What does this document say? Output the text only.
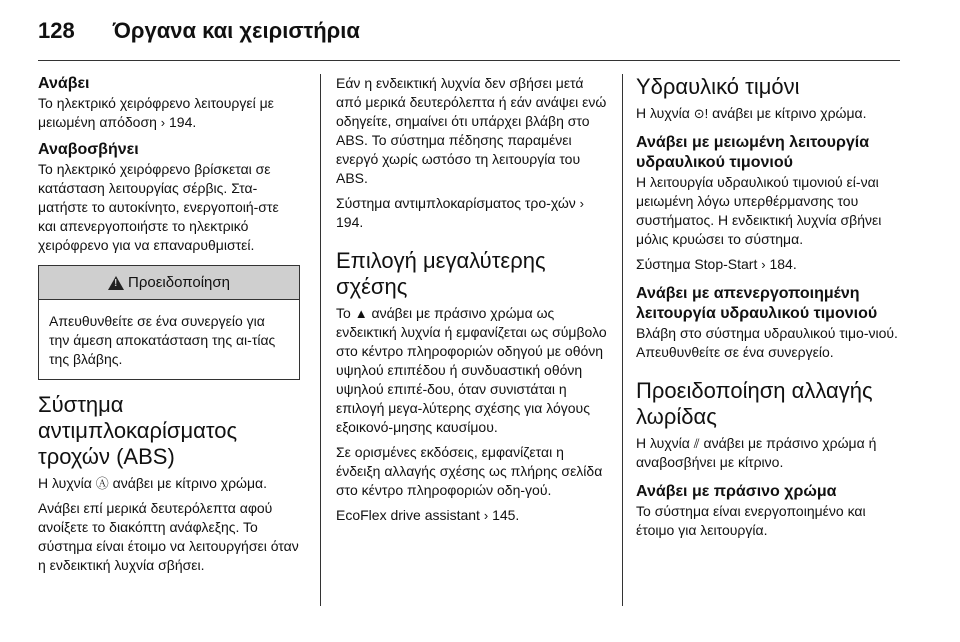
128 Όργανα και χειριστήρια
Ανάβει

Το ηλεκτρικό χειρόφρενο λειτουργεί με μειωμένη απόδοση › 194.

Αναβοσβήνει

Το ηλεκτρικό χειρόφρενο βρίσκεται σε κατάσταση λειτουργίας σέρβις. Στα-ματήστε το αυτοκίνητο, ενεργοποιή-στε και απενεργοποιήστε το ηλεκτρικό χειρόφρενο για να επαναρυθμιστεί.

!
Προειδοποίηση
Απευθυνθείτε σε ένα συνεργείο για την άμεση αποκατάσταση της αι-τίας της βλάβης.
Σύστημα αντιμπλοκαρίσματος τροχών (ABS)

Η λυχνία Ⓐ ανάβει με κίτρινο χρώμα.

Ανάβει επί μερικά δευτερόλεπτα αφού ανοίξετε το διακόπτη ανάφλεξης. Το σύστημα είναι έτοιμο να λειτουργήσει όταν η ενδεικτική λυχνία σβήσει.

Εάν η ενδεικτική λυχνία δεν σβήσει μετά από μερικά δευτερόλεπτα ή εάν ανάψει ενώ οδηγείτε, σημαίνει ότι υπάρχει βλάβη στο ABS. Το σύστημα πέδησης παραμένει ενεργό χωρίς ωστόσο τη λειτουργία του ABS.

Σύστημα αντιμπλοκαρίσματος τρο-χών › 194.

Επιλογή μεγαλύτερης σχέσης

Το ▲ ανάβει με πράσινο χρώμα ως ενδεικτική λυχνία ή εμφανίζεται ως σύμβολο στο κέντρο πληροφοριών οδηγού με οθόνη υψηλού επιπέδου ή συνδυαστική οθόνη υψηλού επιπέ-δου, όταν συνιστάται η επιλογή μεγα-λύτερης σχέσης για λόγους εξοικονό-μησης καυσίμου.

Σε ορισμένες εκδόσεις, εμφανίζεται η ένδειξη αλλαγής σχέσης ως πλήρης σελίδα στο κέντρο πληροφοριών οδη-γού.

EcoFlex drive assistant › 145.

Υδραυλικό τιμόνι

Η λυχνία ⊙! ανάβει με κίτρινο χρώμα.

Ανάβει με μειωμένη λειτουργία υδραυλικού τιμονιού

Η λειτουργία υδραυλικού τιμονιού εί-ναι μειωμένη λόγω υπερθέρμανσης του συστήματος. Η ενδεικτική λυχνία σβήνει μόλις κρυώσει το σύστημα.

Σύστημα Stop-Start › 184.

Ανάβει με απενεργοποιημένη λειτουργία υδραυλικού τιμονιού

Βλάβη στο σύστημα υδραυλικού τιμο-νιού. Απευθυνθείτε σε ένα συνεργείο.

Προειδοποίηση αλλαγής λωρίδας

Η λυχνία ⫽ ανάβει με πράσινο χρώμα ή αναβοσβήνει με κίτρινο.

Ανάβει με πράσινο χρώμα

Το σύστημα είναι ενεργοποιημένο και έτοιμο για λειτουργία.
